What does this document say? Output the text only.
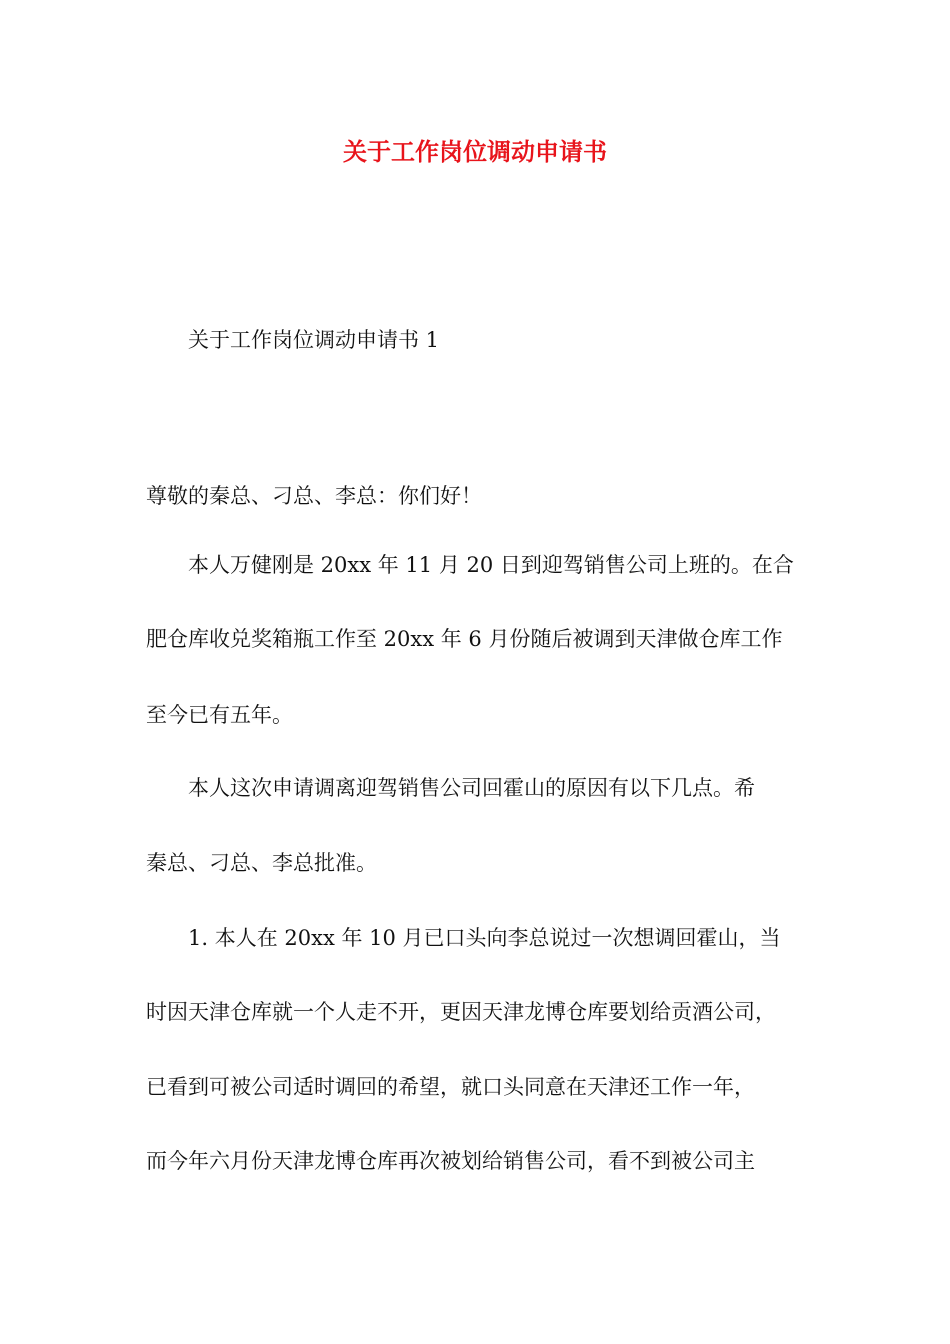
关于工作岗位调动申请书
关于工作岗位调动申请书 1
尊敬的秦总、刁总、李总：你们好！
本人万健刚是 20xx 年 11 月 20 日到迎驾销售公司上班的。在合
肥仓库收兑奖箱瓶工作至 20xx 年 6 月份随后被调到天津做仓库工作
至今已有五年。
本人这次申请调离迎驾销售公司回霍山的原因有以下几点。希
秦总、刁总、李总批准。
1. 本人在 20xx 年 10 月已口头向李总说过一次想调回霍山，当
时因天津仓库就一个人走不开，更因天津龙博仓库要划给贡酒公司，
已看到可被公司适时调回的希望，就口头同意在天津还工作一年，
而今年六月份天津龙博仓库再次被划给销售公司，看不到被公司主
